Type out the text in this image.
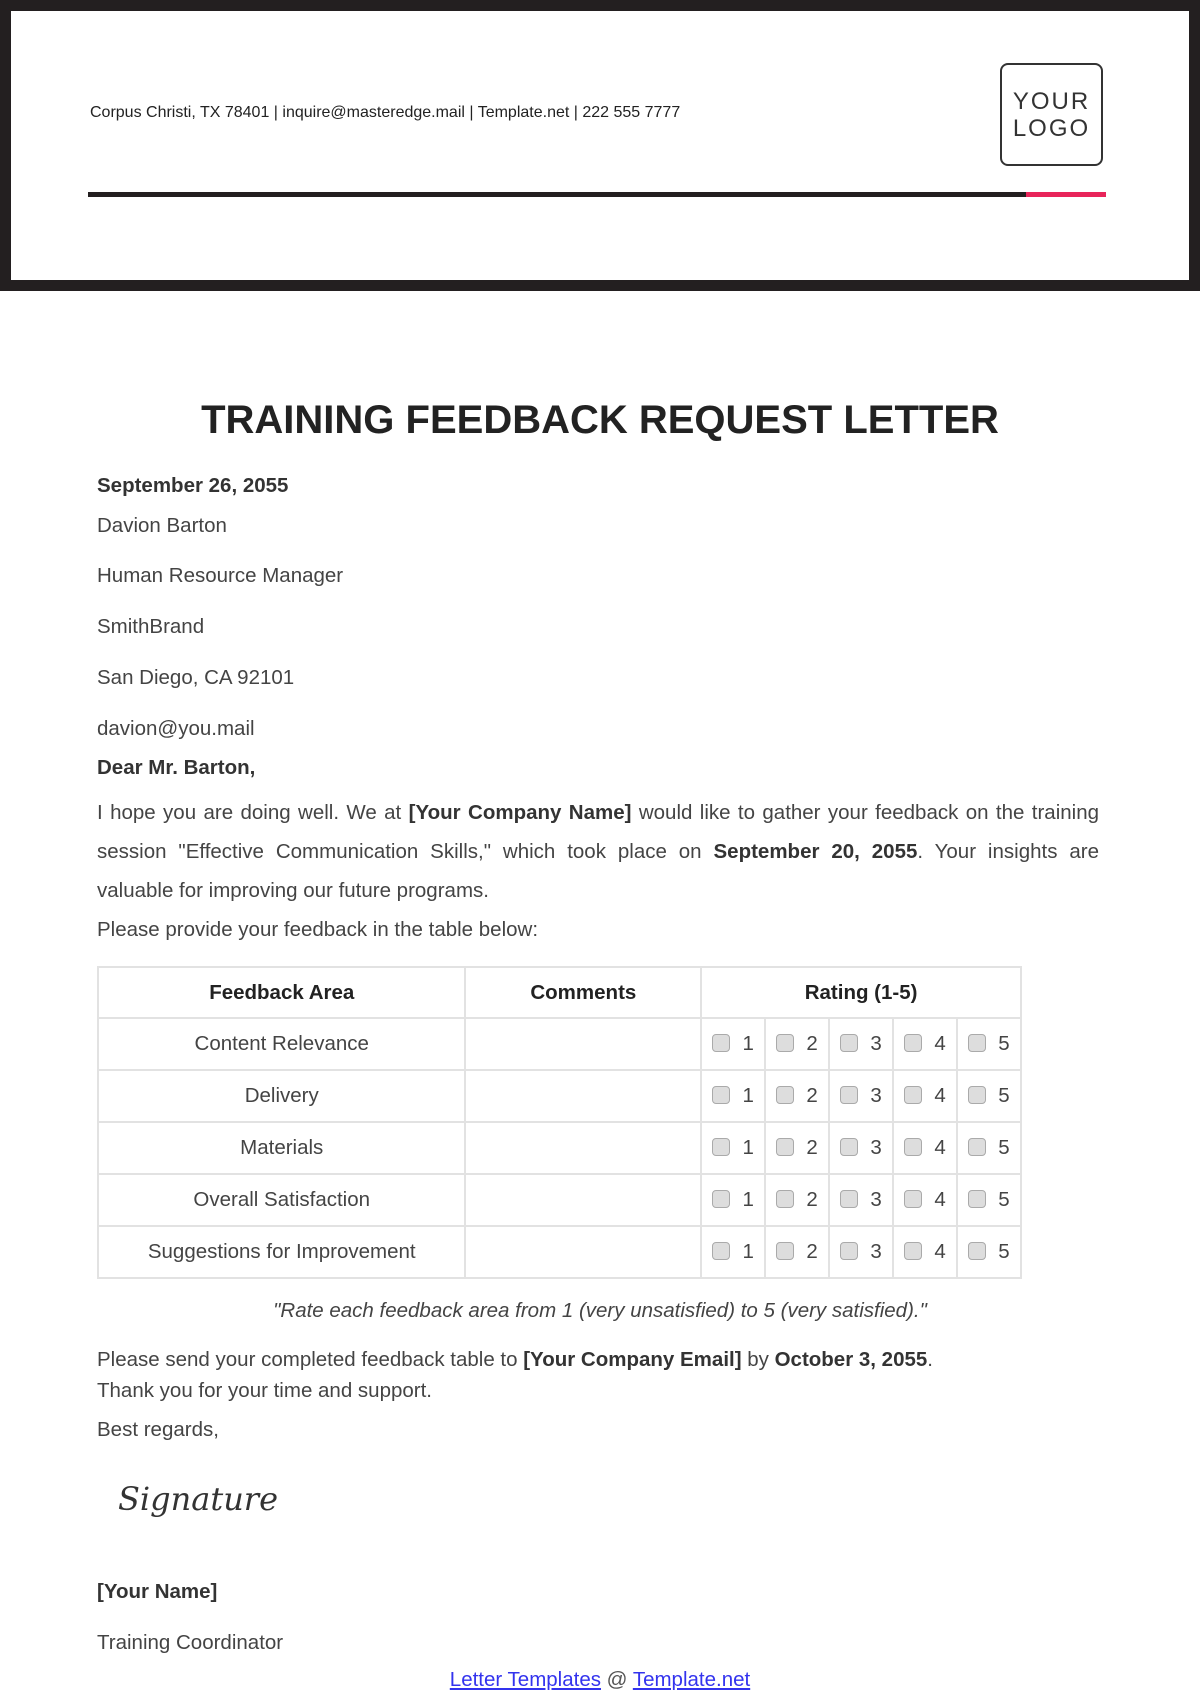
Corpus Christi, TX 78401 | inquire@masteredge.mail | Template.net | 222 555 7777	YOUR
LOGO
TRAINING FEEDBACK REQUEST LETTER
September 26, 2055
Davion Barton
Human Resource Manager
SmithBrand
San Diego, CA 92101
davion@you.mail
Dear Mr. Barton,
I hope you are doing well. We at [Your Company Name] would like to gather your feedback on the training session "Effective Communication Skills," which took place on September 20, 2055. Your insights are valuable for improving our future programs.
Please provide your feedback in the table below:
Feedback Area	Comments	Rating (1-5)				
Content Relevance		1	2	3	4	5
Delivery		1	2	3	4	5
Materials		1	2	3	4	5
Overall Satisfaction		1	2	3	4	5
Suggestions for Improvement		1	2	3	4	5
"Rate each feedback area from 1 (very unsatisfied) to 5 (very satisfied)."
Please send your completed feedback table to [Your Company Email] by October 3, 2055.
Thank you for your time and support.
Best regards,
Signature
[Your Name]
Training Coordinator
Letter Templates @ Template.net
